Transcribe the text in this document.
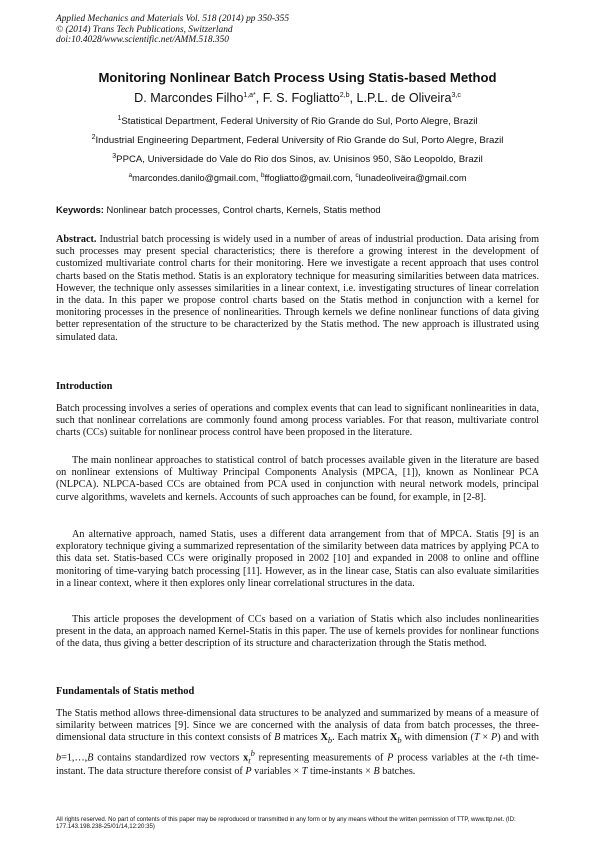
Applied Mechanics and Materials Vol. 518 (2014) pp 350-355
© (2014) Trans Tech Publications, Switzerland
doi:10.4028/www.scientific.net/AMM.518.350
Monitoring Nonlinear Batch Process Using Statis-based Method
D. Marcondes Filho$^{1,a*}$, F. S. Fogliatto$^{2,b}$, L.P.L. de Oliveira$^{3,c}$
$^1$Statistical Department, Federal University of Rio Grande do Sul, Porto Alegre, Brazil
$^2$Industrial Engineering Department, Federal University of Rio Grande do Sul, Porto Alegre, Brazil
$^3$PPCA, Universidade do Vale do Rio dos Sinos, av. Unisinos 950, São Leopoldo, Brazil
$^a$marcondes.danilo@gmail.com, $^b$ffogliatto@gmail.com, $^c$lunadeoliveira@gmail.com
Keywords: Nonlinear batch processes, Control charts, Kernels, Statis method
Abstract. Industrial batch processing is widely used in a number of areas of industrial production. Data arising from such processes may present special characteristics; there is therefore a growing interest in the development of customized multivariate control charts for their monitoring. Here we investigate a recent approach that uses control charts based on the Statis method. Statis is an exploratory technique for measuring similarities between data matrices. However, the technique only assesses similarities in a linear context, i.e. investigating structures of linear correlation in the data. In this paper we propose control charts based on the Statis method in conjunction with a kernel for monitoring processes in the presence of nonlinearities. Through kernels we define nonlinear functions of data giving better representation of the structure to be characterized by the Statis method. The new approach is illustrated using simulated data.
Introduction

Batch processing involves a series of operations and complex events that can lead to significant nonlinearities in data, such that nonlinear correlations are commonly found among process variables. For that reason, multivariate control charts (CCs) suitable for nonlinear process control have been proposed in the literature.

The main nonlinear approaches to statistical control of batch processes available given in the literature are based on nonlinear extensions of Multiway Principal Components Analysis (MPCA, [1]), known as Nonlinear PCA (NLPCA). NLPCA-based CCs are obtained from PCA used in conjunction with neural network models, principal curve algorithms, wavelets and kernels. Accounts of such approaches can be found, for example, in [2-8].

An alternative approach, named Statis, uses a different data arrangement from that of MPCA. Statis [9] is an exploratory technique giving a summarized representation of the similarity between data matrices by applying PCA to this data set. Statis-based CCs were originally proposed in 2002 [10] and expanded in 2008 to online and offline monitoring of time-varying batch processing [11]. However, as in the linear case, Statis can also evaluate similarities in a linear context, where it then explores only linear correlational structures in the data.

This article proposes the development of CCs based on a variation of Statis which also includes nonlinearities present in the data, an approach named Kernel-Statis in this paper. The use of kernels provides for nonlinear functions of the data, thus giving a better description of its structure and characterization through the Statis method.

Fundamentals of Statis method

The Statis method allows three-dimensional data structures to be analyzed and summarized by means of a measure of similarity between matrices [9]. Since we are concerned with the analysis of data from batch processes, the three-dimensional data structure in this context consists of B matrices $X_b$. Each matrix $X_b$ with dimension (T × P) and with b=1,…,B contains standardized row vectors $x_t^b$ representing measurements of P process variables at the t-th time-instant. The data structure therefore consist of P variables × T time-instants × B batches.

All rights reserved. No part of contents of this paper may be reproduced or transmitted in any form or by any means without the written permission of TTP, www.ttp.net. (ID: 177.143.198.238-25/01/14,12:20:35)
